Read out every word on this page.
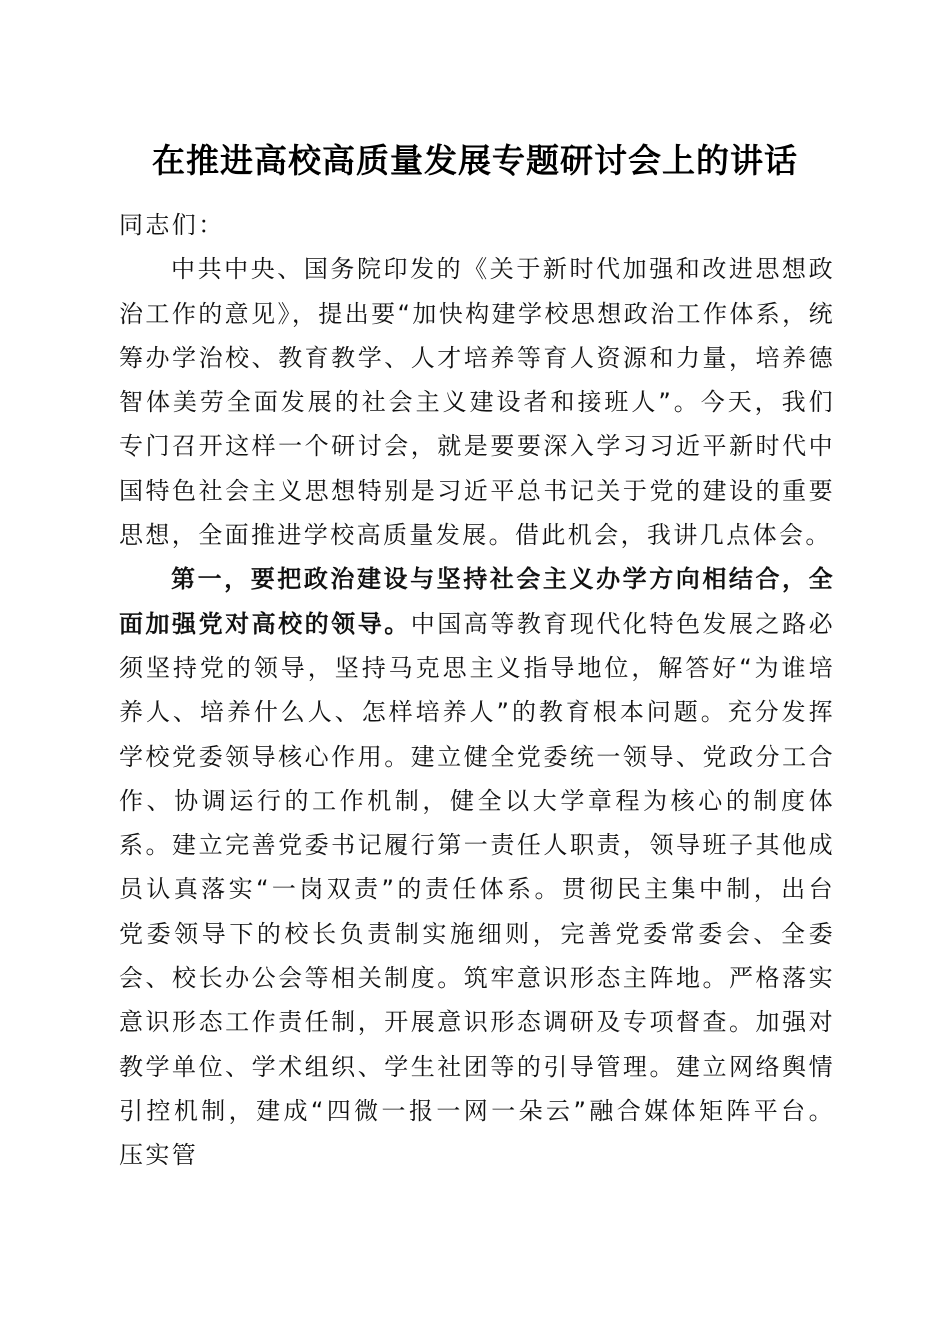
在推进高校高质量发展专题研讨会上的讲话

同志们：

中共中央、国务院印发的《关于新时代加强和改进思想政治工作的意见》，提出要“加快构建学校思想政治工作体系，统筹办学治校、教育教学、人才培养等育人资源和力量，培养德智体美劳全面发展的社会主义建设者和接班人”。今天，我们专门召开这样一个研讨会，就是要要深入学习习近平新时代中国特色社会主义思想特别是习近平总书记关于党的建设的重要思想，全面推进学校高质量发展。借此机会，我讲几点体会。

第一，要把政治建设与坚持社会主义办学方向相结合，全面加强党对高校的领导。中国高等教育现代化特色发展之路必须坚持党的领导，坚持马克思主义指导地位，解答好“为谁培养人、培养什么人、怎样培养人”的教育根本问题。充分发挥学校党委领导核心作用。建立健全党委统一领导、党政分工合作、协调运行的工作机制，健全以大学章程为核心的制度体系。建立完善党委书记履行第一责任人职责，领导班子其他成员认真落实“一岗双责”的责任体系。贯彻民主集中制，出台党委领导下的校长负责制实施细则，完善党委常委会、全委会、校长办公会等相关制度。筑牢意识形态主阵地。严格落实意识形态工作责任制，开展意识形态调研及专项督查。加强对教学单位、学术组织、学生社团等的引导管理。建立网络舆情引控机制，建成“四微一报一网一朵云”融合媒体矩阵平台。压实管
